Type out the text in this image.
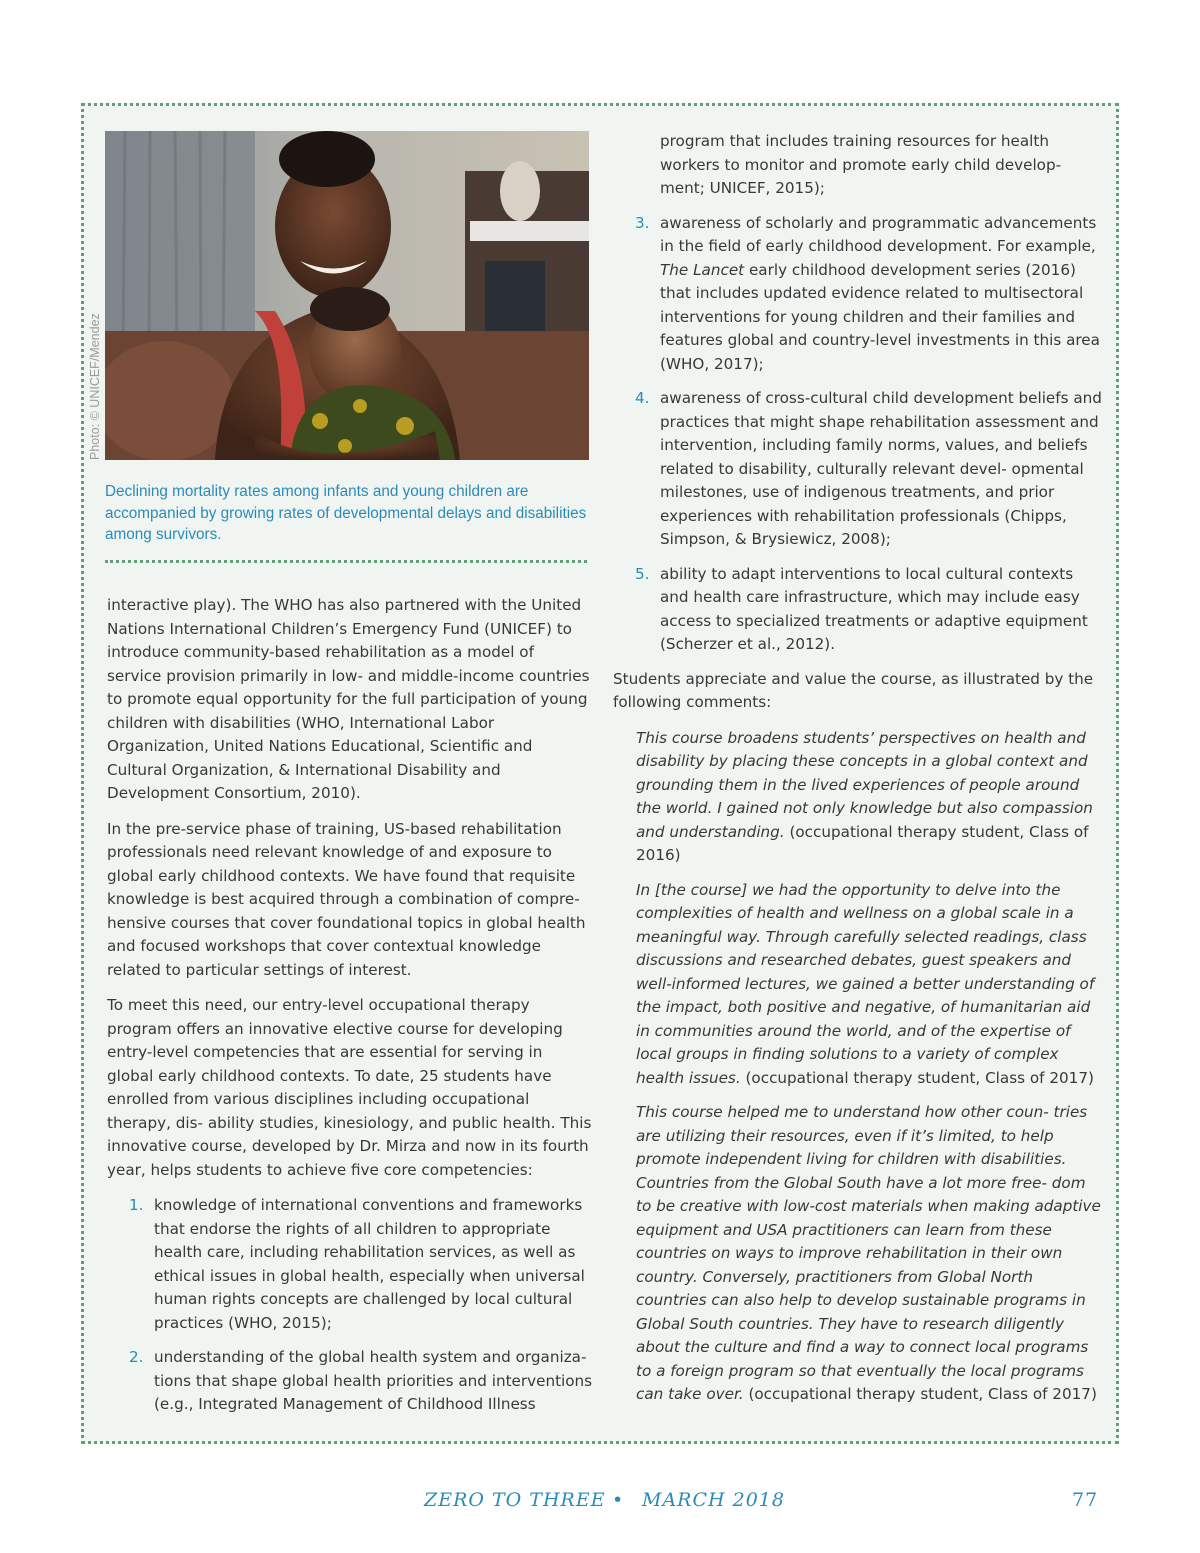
Photo: © UNICEF/Mendez
Declining mortality rates among infants and young children are accompanied by growing rates of developmental delays and disabilities among survivors.

interactive play). The WHO has also partnered with the United Nations International Children’s Emergency Fund (UNICEF) to introduce community-based rehabilitation as a model of service provision primarily in low- and middle-income countries to promote equal opportunity for the full participation of young children with disabilities (WHO, International Labor Organization, United Nations Educational, Scientific and Cultural Organization, & International Disability and Development Consortium, 2010).

In the pre-service phase of training, US-based rehabilitation professionals need relevant knowledge of and exposure to global early childhood contexts. We have found that requisite knowledge is best acquired through a combination of compre- hensive courses that cover foundational topics in global health and focused workshops that cover contextual knowledge related to particular settings of interest.

To meet this need, our entry-level occupational therapy program offers an innovative elective course for developing entry-level competencies that are essential for serving in global early childhood contexts. To date, 25 students have enrolled from various disciplines including occupational therapy, dis- ability studies, kinesiology, and public health. This innovative course, developed by Dr. Mirza and now in its fourth year, helps students to achieve five core competencies:

1. knowledge of international conventions and frameworks that endorse the rights of all children to appropriate health care, including rehabilitation services, as well as ethical issues in global health, especially when universal human rights concepts are challenged by local cultural practices (WHO, 2015);
2. understanding of the global health system and organiza- tions that shape global health priorities and interventions (e.g., Integrated Management of Childhood Illness

program that includes training resources for health workers to monitor and promote early child develop- ment; UNICEF, 2015);

3. awareness of scholarly and programmatic advancements in the field of early childhood development. For example, The Lancet early childhood development series (2016) that includes updated evidence related to multisectoral interventions for young children and their families and features global and country-level investments in this area (WHO, 2017);
4. awareness of cross-cultural child development beliefs and practices that might shape rehabilitation assessment and intervention, including family norms, values, and beliefs related to disability, culturally relevant devel- opmental milestones, use of indigenous treatments, and prior experiences with rehabilitation professionals (Chipps, Simpson, & Brysiewicz, 2008);
5. ability to adapt interventions to local cultural contexts and health care infrastructure, which may include easy access to specialized treatments or adaptive equipment (Scherzer et al., 2012).

Students appreciate and value the course, as illustrated by the following comments:

This course broadens students’ perspectives on health and disability by placing these concepts in a global context and grounding them in the lived experiences of people around the world. I gained not only knowledge but also compassion and understanding. (occupational therapy student, Class of 2016)

In [the course] we had the opportunity to delve into the complexities of health and wellness on a global scale in a meaningful way. Through carefully selected readings, class discussions and researched debates, guest speakers and well-informed lectures, we gained a better understanding of the impact, both positive and negative, of humanitarian aid in communities around the world, and of the expertise of local groups in finding solutions to a variety of complex health issues. (occupational therapy student, Class of 2017)

This course helped me to understand how other coun- tries are utilizing their resources, even if it’s limited, to help promote independent living for children with disabilities. Countries from the Global South have a lot more free- dom to be creative with low-cost materials when making adaptive equipment and USA practitioners can learn from these countries on ways to improve rehabilitation in their own country. Conversely, practitioners from Global North countries can also help to develop sustainable programs in Global South countries. They have to research diligently about the culture and find a way to connect local programs to a foreign program so that eventually the local programs can take over. (occupational therapy student, Class of 2017)

ZERO TO THREE • MARCH 2018	77
